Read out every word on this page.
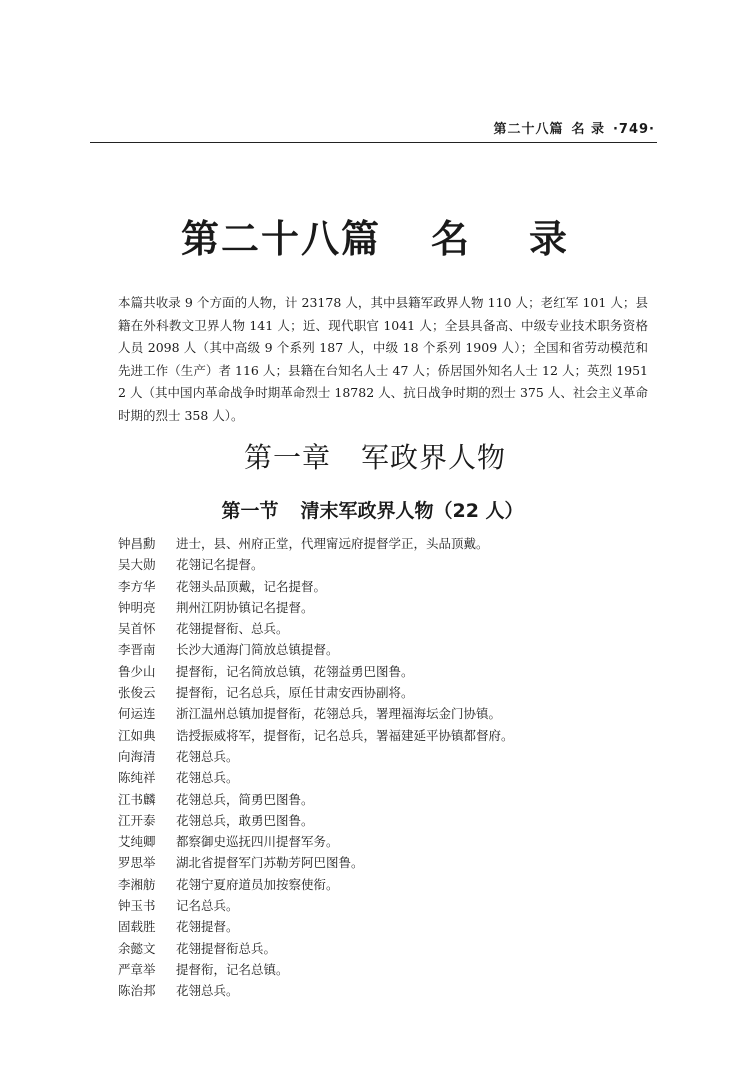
第二十八篇 名 录 ·749·
第二十八篇 名 录

本篇共收录 9 个方面的人物，计 23178 人，其中县籍军政界人物 110 人；老红军 101 人；县籍在外科教文卫界人物 141 人；近、现代职官 1041 人；全县具备高、中级专业技术职务资格人员 2098 人（其中高级 9 个系列 187 人，中级 18 个系列 1909 人）；全国和省劳动模范和先进工作（生产）者 116 人；县籍在台知名人士 47 人；侨居国外知名人士 12 人；英烈 19512 人（其中国内革命战争时期革命烈士 18782 人、抗日战争时期的烈士 375 人、社会主义革命时期的烈士 358 人）。

第一章 军政界人物
第一节 清末军政界人物（22 人）
钟昌勳 进士，县、州府正堂，代理甯远府提督学正，头品顶戴。
吴大勋 花翎记名提督。
李方华 花翎头品顶戴，记名提督。
钟明亮 荆州江阴协镇记名提督。
吴首怀 花翎提督衔、总兵。
李晋南 长沙大通海门简放总镇提督。
鲁少山 提督衔，记名简放总镇，花翎益勇巴图鲁。
张俊云 提督衔，记名总兵，原任甘肃安西协副将。
何运连 浙江温州总镇加提督衔，花翎总兵，署理福海坛金门协镇。
江如典 诰授振威将军，提督衔，记名总兵，署福建延平协镇都督府。
向海清 花翎总兵。
陈纯祥 花翎总兵。
江书麟 花翎总兵，简勇巴图鲁。
江开泰 花翎总兵，敢勇巴图鲁。
艾纯卿 都察御史巡抚四川提督军务。
罗思举 湖北省提督军门苏勒芳阿巴图鲁。
李湘舫 花翎宁夏府道员加按察使衔。
钟玉书 记名总兵。
固载胜 花翎提督。
余懿文 花翎提督衔总兵。
严章举 提督衔，记名总镇。
陈治邦 花翎总兵。
